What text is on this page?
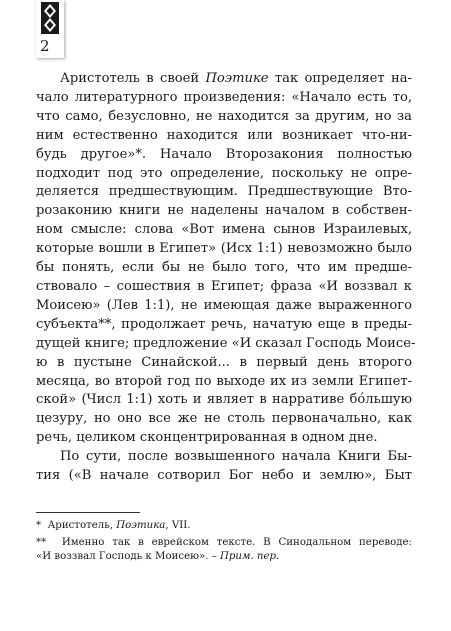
2

Аристотель в своей Поэтике так определяет на-
чало литературного произведения: «Начало есть то,
что само, безусловно, не находится за другим, но за
ним естественно находится или возникает что-ни-
будь другое»*. Начало Второзакония полностью
подходит под это определение, поскольку не опре-
деляется предшествующим. Предшествующие Вто-
розаконию книги не наделены началом в собствен-
ном смысле: слова «Вот имена сынов Израилевых,
которые вошли в Египет» (Исх 1:1) невозможно было
бы понять, если бы не было того, что им предше-
ствовало – сошествия в Египет; фраза «И воззвал к
Моисею» (Лев 1:1), не имеющая даже выраженного
субъекта**, продолжает речь, начатую еще в преды-
дущей книге; предложение «И сказал Господь Моисе-
ю в пустыне Синайской... в первый день второго
месяца, во второй год по выходе их из земли Египет-
ской» (Числ 1:1) хоть и являет в нарративе бóльшую
цезуру, но оно все же не столь первоначально, как
речь, целиком сконцентрированная в одном дне.

По сути, после возвышенного начала Книги Бы-
тия («В начале сотворил Бог небо и землю», Быт

* Аристотель, Поэтика, VII.

** Именно так в еврейском тексте. В Синодальном переводе:
«И воззвал Господь к Моисею». – Прим. пер.
